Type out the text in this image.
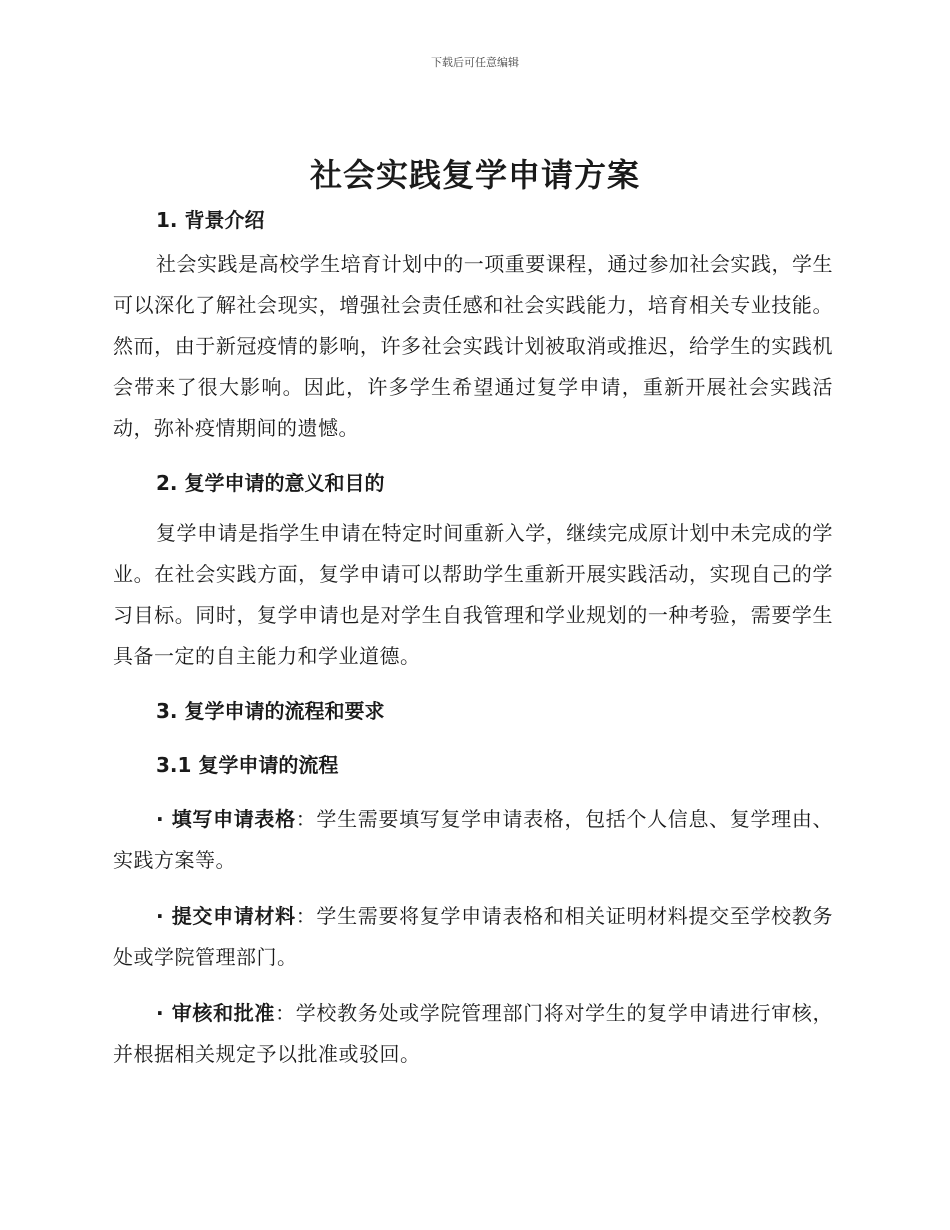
下载后可任意编辑
社会实践复学申请方案
1. 背景介绍

社会实践是高校学生培育计划中的一项重要课程，通过参加社会实践，学生可以深化了解社会现实，增强社会责任感和社会实践能力，培育相关专业技能。然而，由于新冠疫情的影响，许多社会实践计划被取消或推迟，给学生的实践机会带来了很大影响。因此，许多学生希望通过复学申请，重新开展社会实践活动，弥补疫情期间的遗憾。

2. 复学申请的意义和目的

复学申请是指学生申请在特定时间重新入学，继续完成原计划中未完成的学业。在社会实践方面，复学申请可以帮助学生重新开展实践活动，实现自己的学习目标。同时，复学申请也是对学生自我管理和学业规划的一种考验，需要学生具备一定的自主能力和学业道德。

3. 复学申请的流程和要求
3.1 复学申请的流程

· 填写申请表格：学生需要填写复学申请表格，包括个人信息、复学理由、实践方案等。

· 提交申请材料：学生需要将复学申请表格和相关证明材料提交至学校教务处或学院管理部门。

· 审核和批准：学校教务处或学院管理部门将对学生的复学申请进行审核，并根据相关规定予以批准或驳回。
